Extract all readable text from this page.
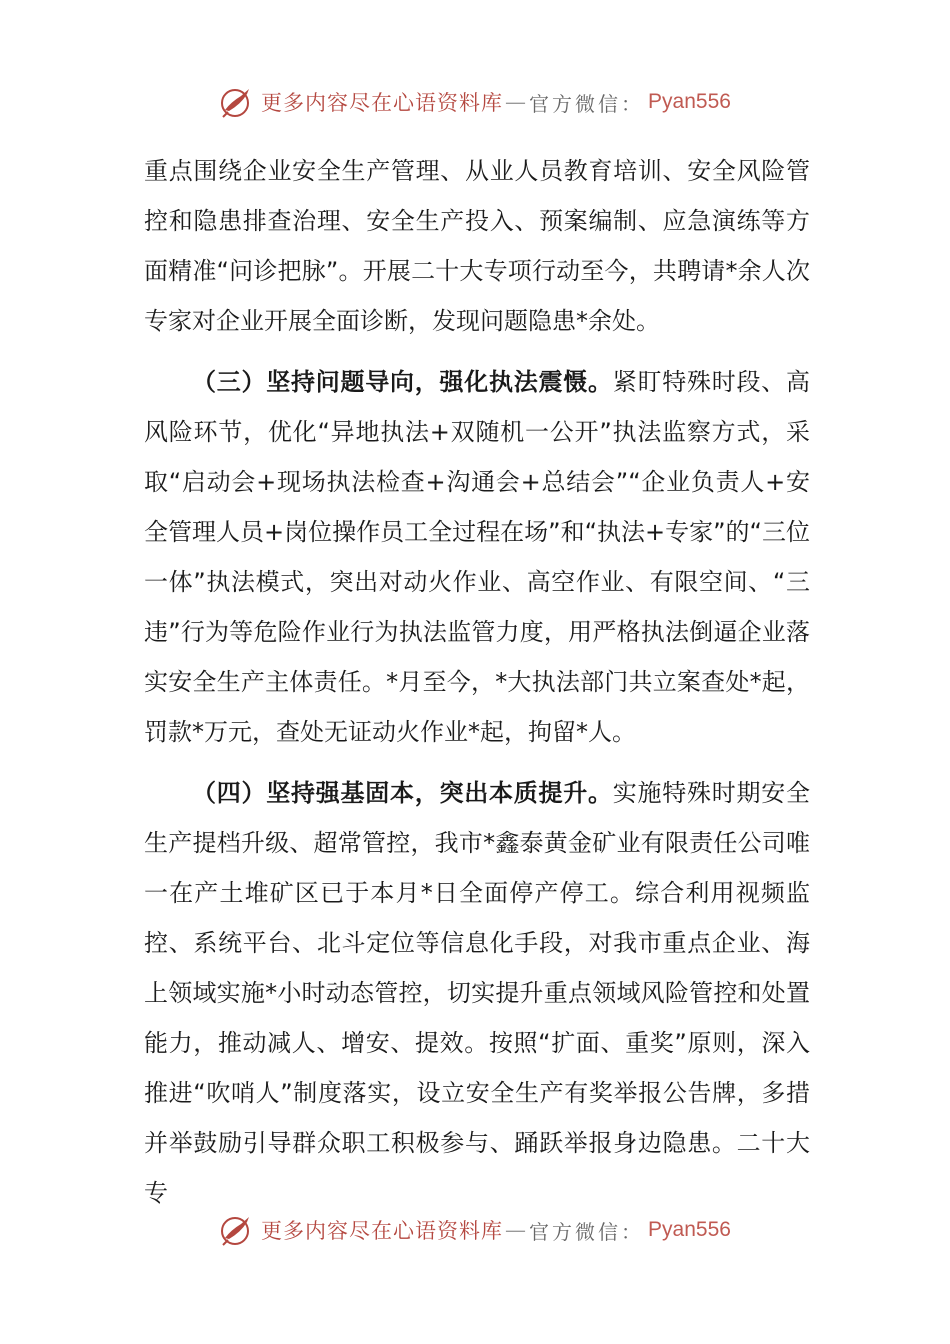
更多内容尽在心语资料库 — 官方微信： Pyan556

重点围绕企业安全生产管理、从业人员教育培训、安全风险管控和隐患排查治理、安全生产投入、预案编制、应急演练等方面精准“问诊把脉”。开展二十大专项行动至今，共聘请*余人次专家对企业开展全面诊断，发现问题隐患*余处。

（三）坚持问题导向，强化执法震慑。紧盯特殊时段、高风险环节，优化“异地执法+双随机一公开”执法监察方式，采取“启动会+现场执法检查+沟通会+总结会”“企业负责人+安全管理人员+岗位操作员工全过程在场”和“执法+专家”的“三位一体”执法模式，突出对动火作业、高空作业、有限空间、“三违”行为等危险作业行为执法监管力度，用严格执法倒逼企业落实安全生产主体责任。*月至今，*大执法部门共立案查处*起，罚款*万元，查处无证动火作业*起，拘留*人。

（四）坚持强基固本，突出本质提升。实施特殊时期安全生产提档升级、超常管控，我市*鑫泰黄金矿业有限责任公司唯一在产土堆矿区已于本月*日全面停产停工。综合利用视频监控、系统平台、北斗定位等信息化手段，对我市重点企业、海上领域实施*小时动态管控，切实提升重点领域风险管控和处置能力，推动减人、增安、提效。按照“扩面、重奖”原则，深入推进“吹哨人”制度落实，设立安全生产有奖举报公告牌，多措并举鼓励引导群众职工积极参与、踊跃举报身边隐患。二十大专

更多内容尽在心语资料库 — 官方微信： Pyan556
